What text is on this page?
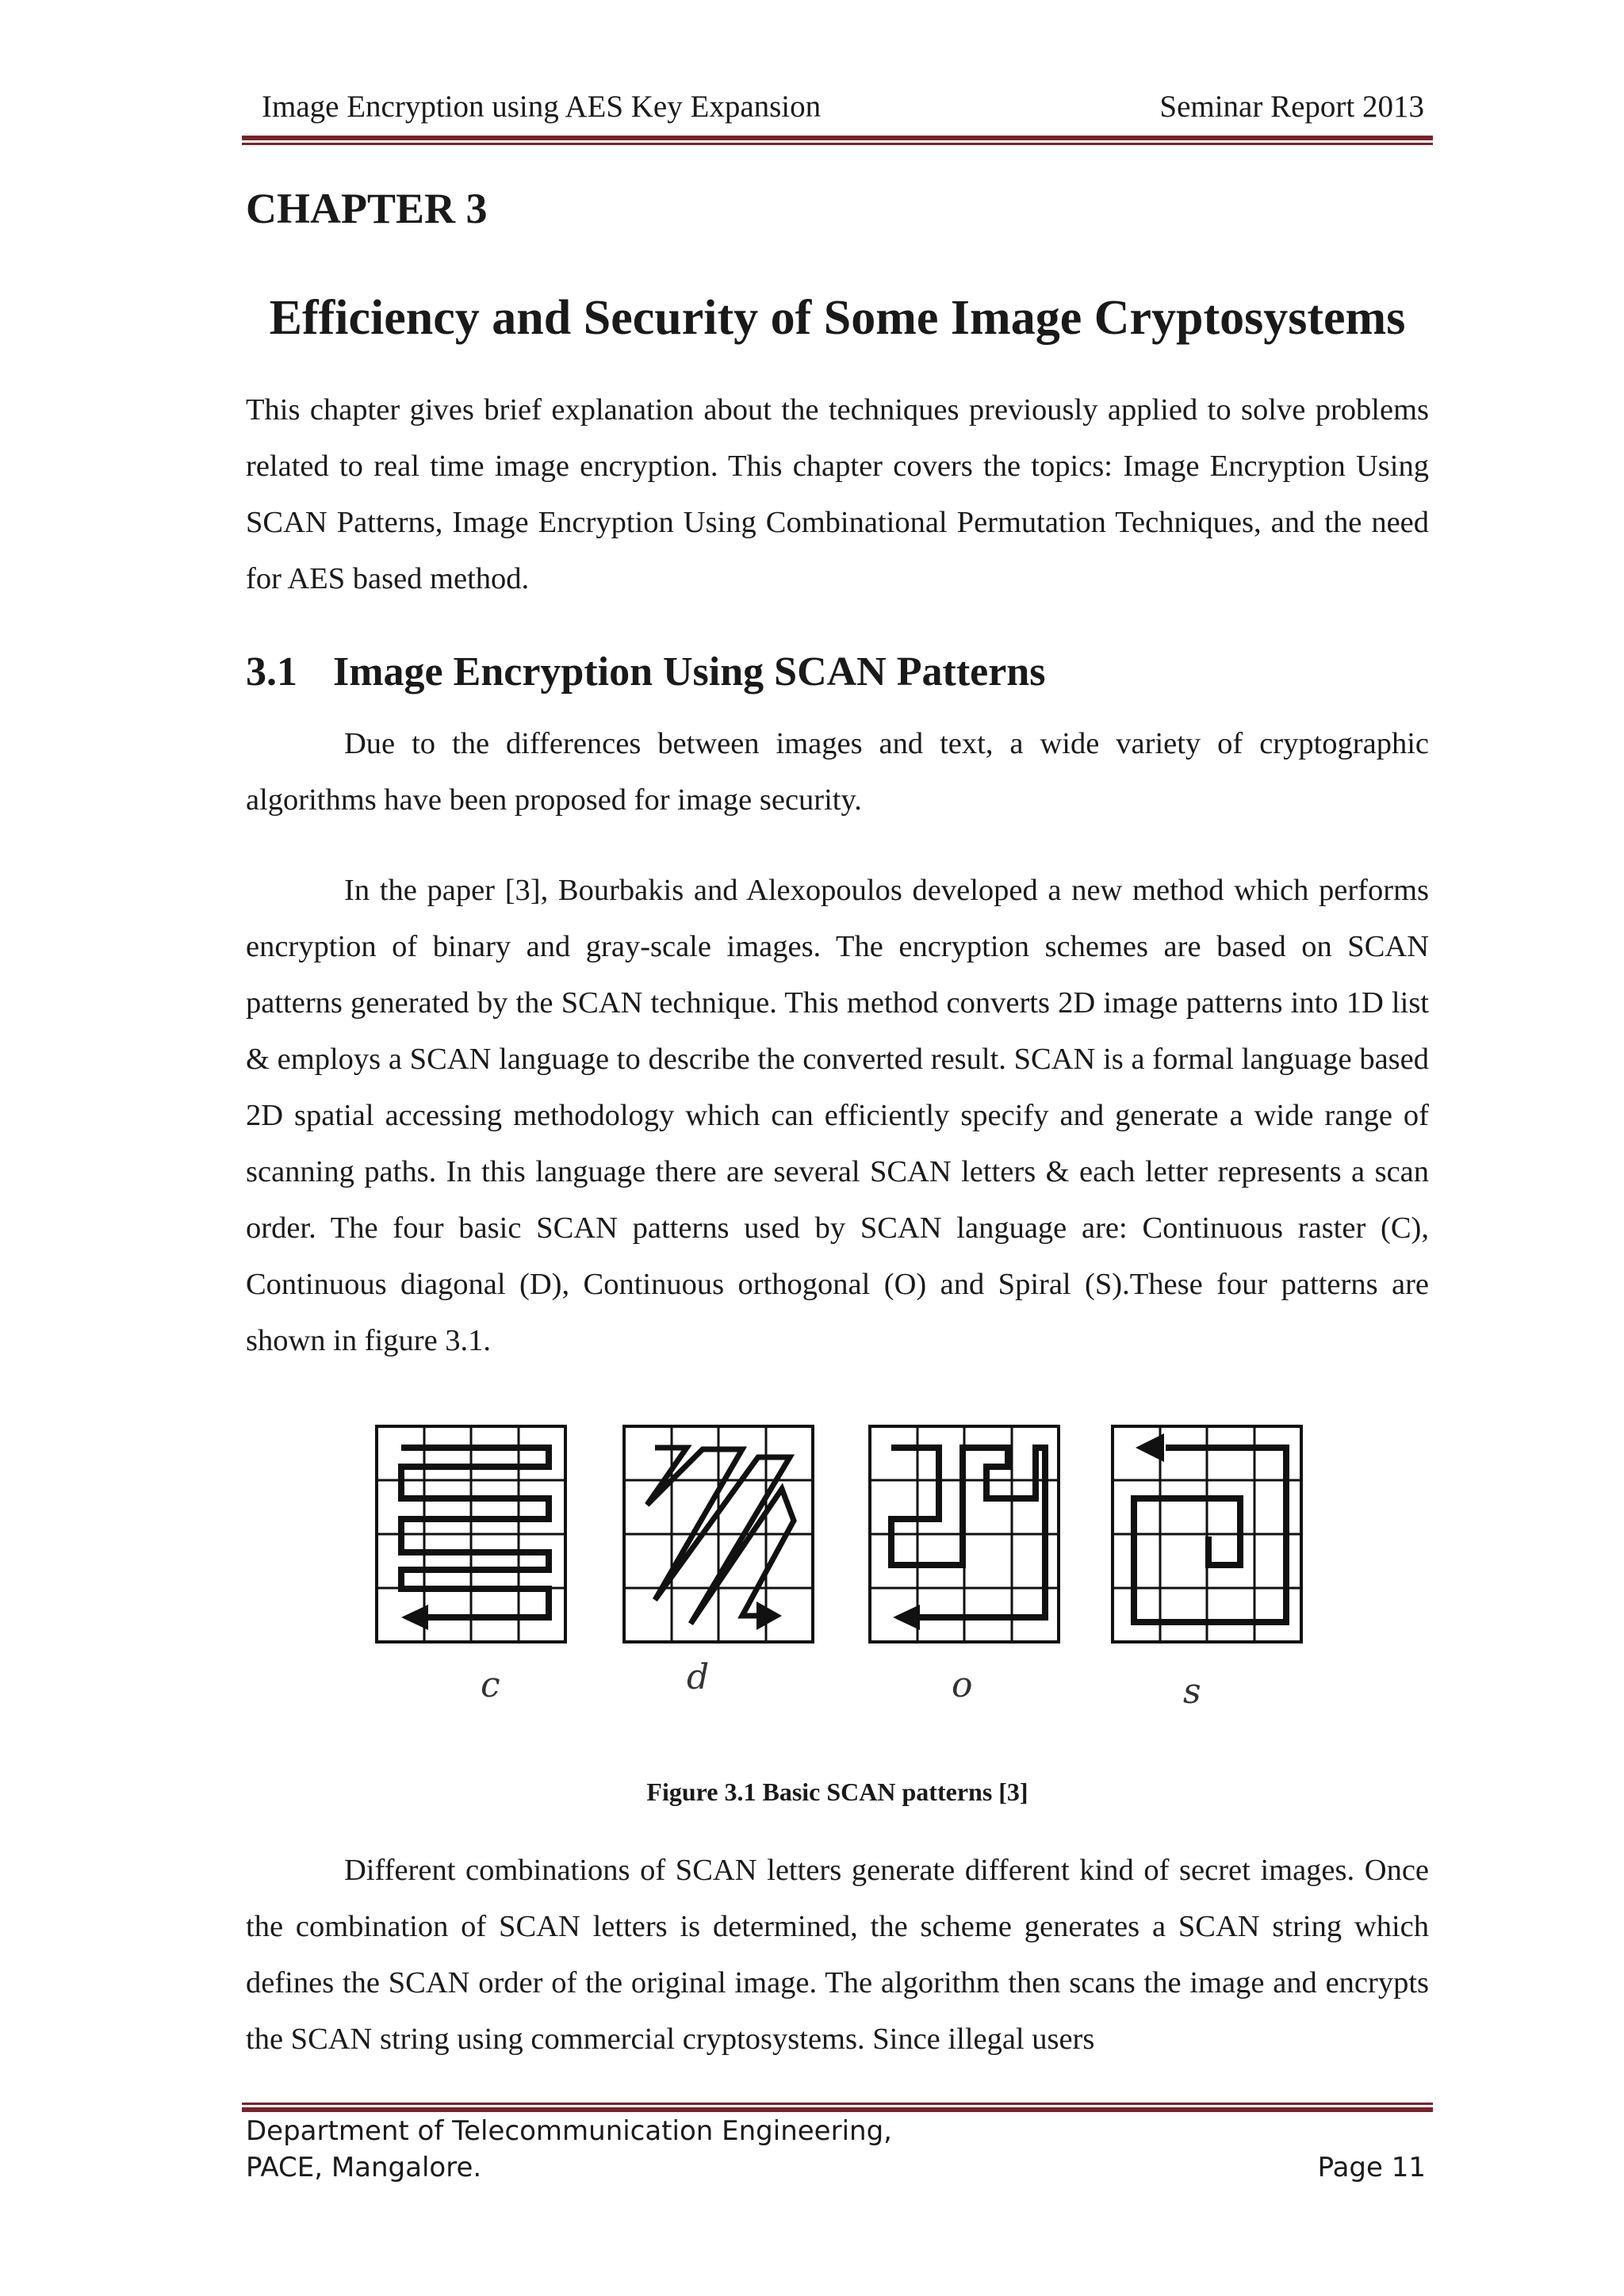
Image Encryption using AES Key Expansion	Seminar Report 2013
CHAPTER 3
Efficiency and Security of Some Image Cryptosystems
This chapter gives brief explanation about the techniques previously applied to solve problems related to real time image encryption. This chapter covers the topics: Image Encryption Using SCAN Patterns, Image Encryption Using Combinational Permutation Techniques, and the need for AES based method.
3.1 Image Encryption Using SCAN Patterns
Due to the differences between images and text, a wide variety of cryptographic algorithms have been proposed for image security.
In the paper [3], Bourbakis and Alexopoulos developed a new method which performs encryption of binary and gray-scale images. The encryption schemes are based on SCAN patterns generated by the SCAN technique. This method converts 2D image patterns into 1D list & employs a SCAN language to describe the converted result. SCAN is a formal language based 2D spatial accessing methodology which can efficiently specify and generate a wide range of scanning paths. In this language there are several SCAN letters & each letter represents a scan order. The four basic SCAN patterns used by SCAN language are: Continuous raster (C), Continuous diagonal (D), Continuous orthogonal (O) and Spiral (S).These four patterns are shown in figure 3.1.
c	d	o	s
Figure 3.1 Basic SCAN patterns [3]
Different combinations of SCAN letters generate different kind of secret images. Once the combination of SCAN letters is determined, the scheme generates a SCAN string which defines the SCAN order of the original image. The algorithm then scans the image and encrypts the SCAN string using commercial cryptosystems. Since illegal users
Department of Telecommunication Engineering,
PACE, Mangalore.	Page 11
